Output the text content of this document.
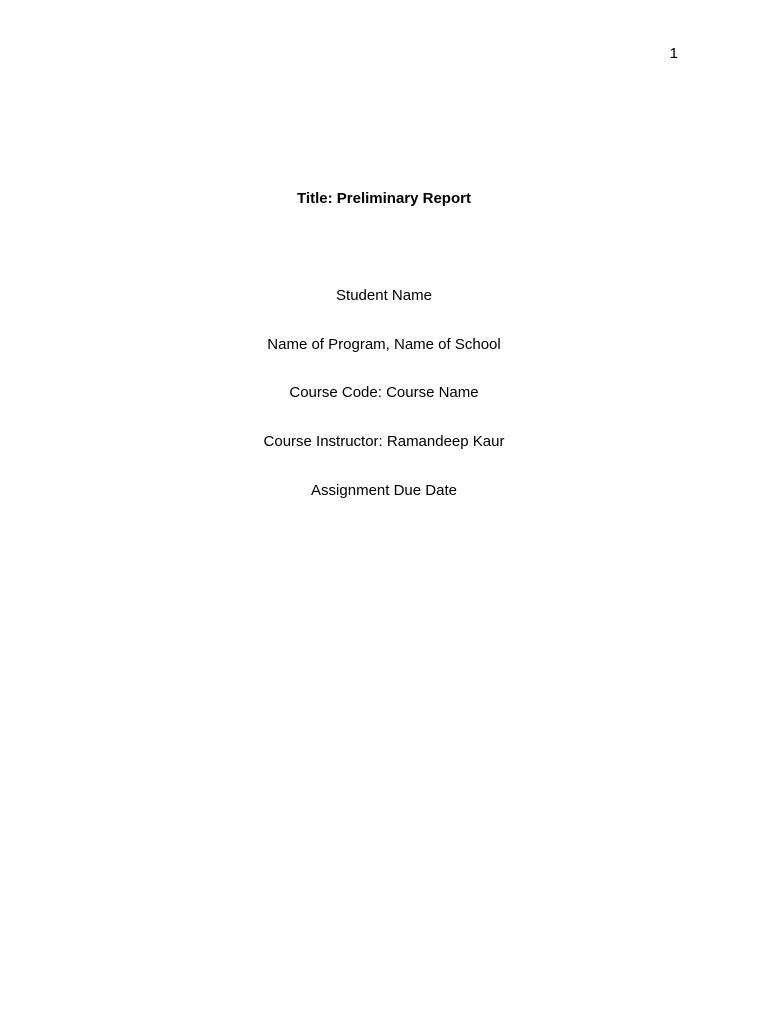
1
Title: Preliminary Report
Student Name
Name of Program, Name of School
Course Code: Course Name
Course Instructor: Ramandeep Kaur
Assignment Due Date
